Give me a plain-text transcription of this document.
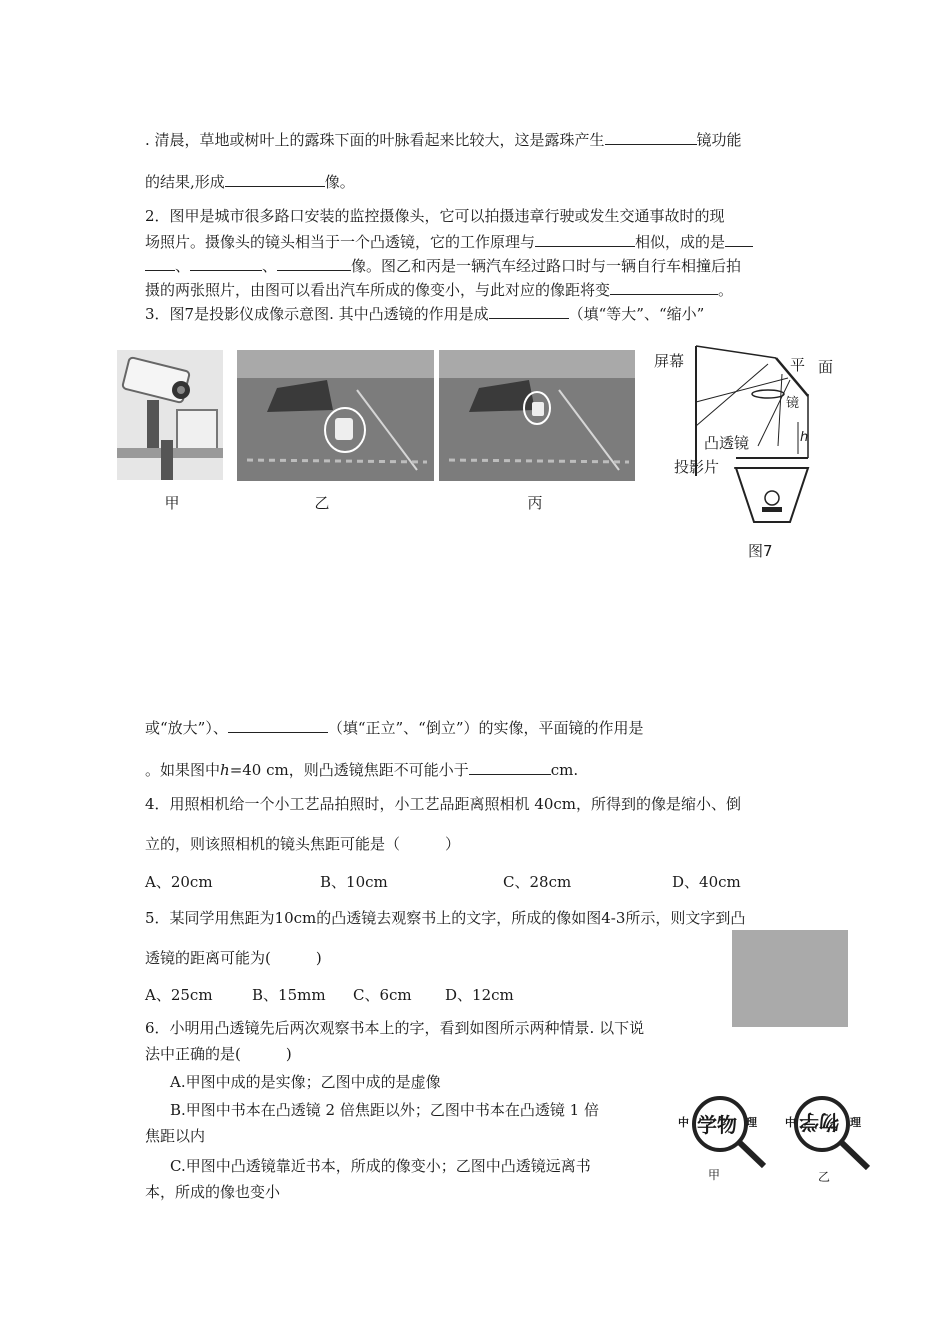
. 清晨，草地或树叶上的露珠下面的叶脉看起来比较大，这是露珠产生	镜功能
的结果,形成	像。
2．图甲是城市很多路口安装的监控摄像头，它可以拍摄违章行驶或发生交通事故时的现
场照片。摄像头的镜头相当于一个凸透镜，它的工作原理与	相似，成的是
、	、	像。图乙和丙是一辆汽车经过路口时与一辆自行车相撞后拍
摄的两张照片，由图可以看出汽车所成的像变小，与此对应的像距将变	。
3．图7是投影仪成像示意图. 其中凸透镜的作用是成	（填“等大”、“缩小”
甲	乙	丙
屏幕	平 面
镜
凸透镜	h
投影片
图7
或“放大”）、	（填“正立”、“倒立”）的实像，平面镜的作用是
。如果图中h=40 cm，则凸透镜焦距不可能小于	cm.
4．用照相机给一个小工艺品拍照时，小工艺品距离照相机 40cm，所得到的像是缩小、倒
立的，则该照相机的镜头焦距可能是（　　　）
A、20cm	B、10cm	C、28cm	D、40cm
5．某同学用焦距为10cm的凸透镜去观察书上的文字，所成的像如图4-3所示，则文字到凸
透镜的距离可能为(　　　)
A、25cm	B、15mm C、6cm D、12cm
6．小明用凸透镜先后两次观察书本上的字，看到如图所示两种情景. 以下说
法中正确的是(　　　)
A.甲图中成的是实像；乙图中成的是虚像
B.甲图中书本在凸透镜 2 倍焦距以外；乙图中书本在凸透镜 1 倍
焦距以内
C.甲图中凸透镜靠近书本，所成的像变小；乙图中凸透镜远离书
本，所成的像也变小
中 学物 理
甲
中 物学 理
乙
